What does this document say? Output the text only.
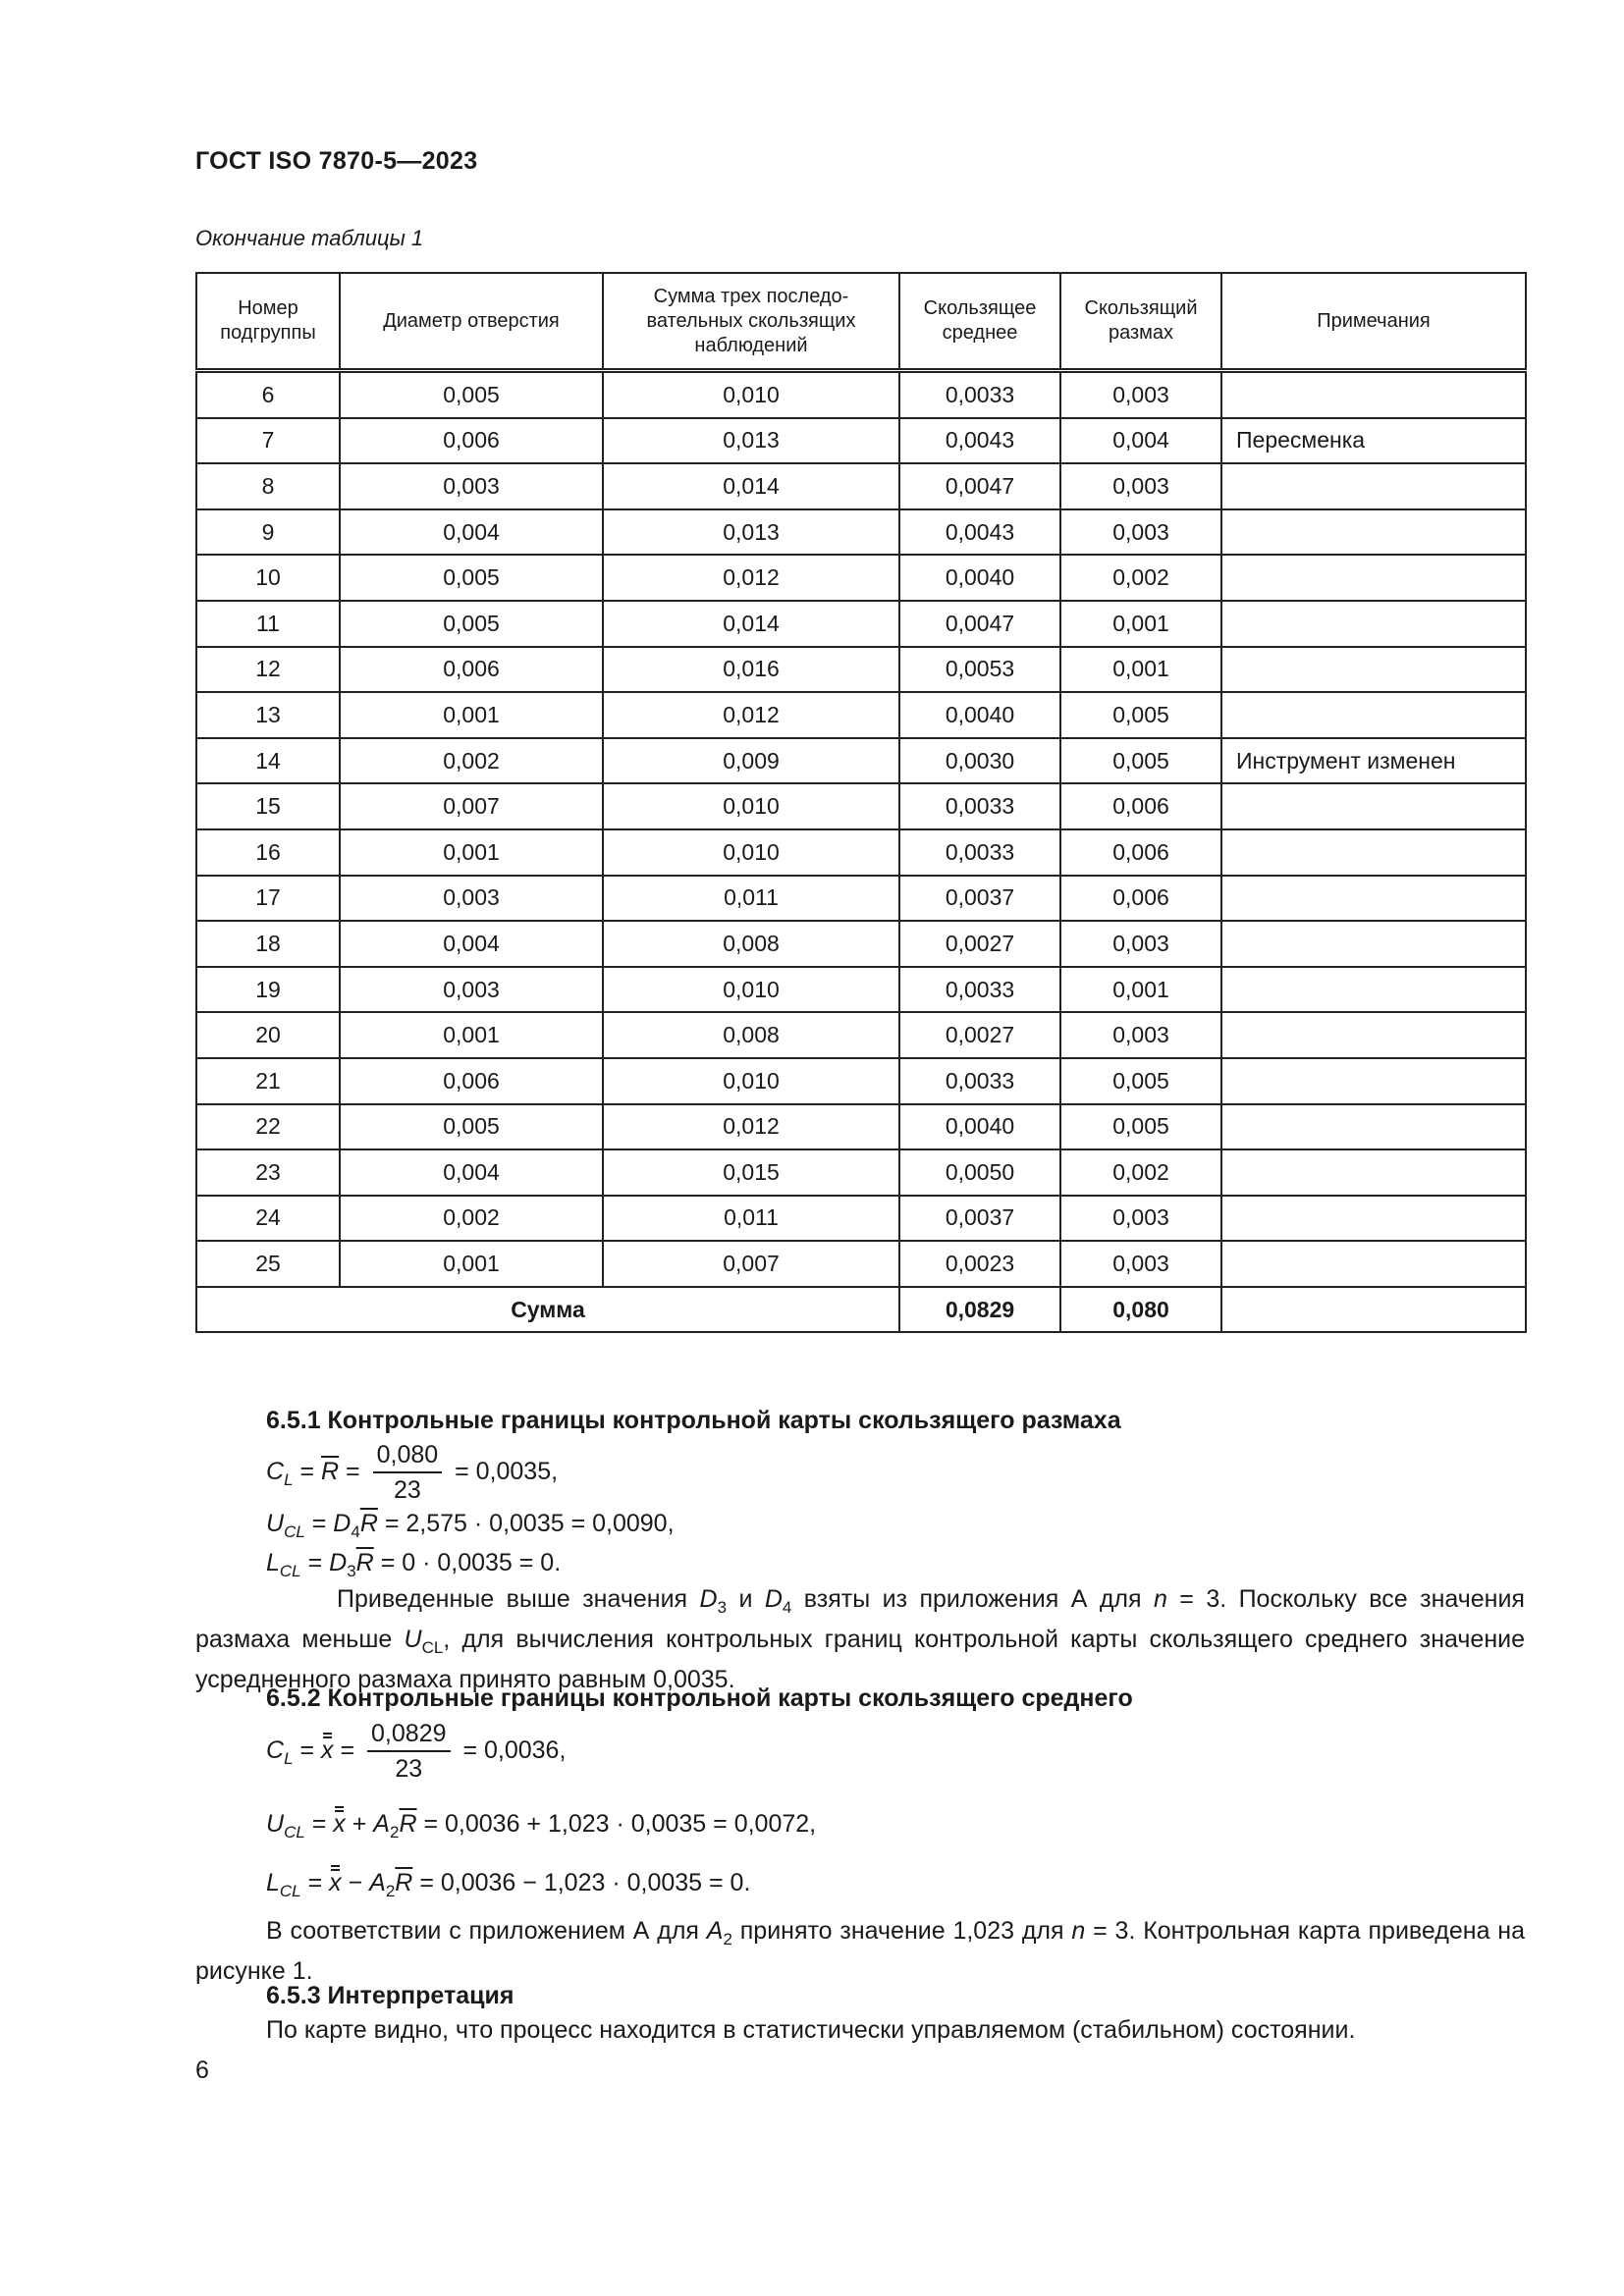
ГОСТ ISO 7870-5—2023
Окончание таблицы 1
Номер подгруппы	Диаметр отверстия	Сумма трех последо-вательных скользящих наблюдений	Скользящее среднее	Скользящий размах	Примечания
6	0,005	0,010	0,0033	0,003	
7	0,006	0,013	0,0043	0,004	Пересменка
8	0,003	0,014	0,0047	0,003	
9	0,004	0,013	0,0043	0,003	
10	0,005	0,012	0,0040	0,002	
11	0,005	0,014	0,0047	0,001	
12	0,006	0,016	0,0053	0,001	
13	0,001	0,012	0,0040	0,005	
14	0,002	0,009	0,0030	0,005	Инструмент изменен
15	0,007	0,010	0,0033	0,006	
16	0,001	0,010	0,0033	0,006	
17	0,003	0,011	0,0037	0,006	
18	0,004	0,008	0,0027	0,003	
19	0,003	0,010	0,0033	0,001	
20	0,001	0,008	0,0027	0,003	
21	0,006	0,010	0,0033	0,005	
22	0,005	0,012	0,0040	0,005	
23	0,004	0,015	0,0050	0,002	
24	0,002	0,011	0,0037	0,003	
25	0,001	0,007	0,0023	0,003	
Сумма			0,0829	0,080	
6.5.1 Контрольные границы контрольной карты скользящего размаха
$C_L = \overline{R} = \frac{0,080}{23} = 0,0035$,
$U_{CL} = D_4\overline{R} = 2,575 \cdot 0,0035 = 0,0090$,
$L_{CL} = D_3\overline{R} = 0 \cdot 0,0035 = 0$.
Приведенные выше значения $D_3$ и $D_4$ взяты из приложения А для n = 3. Поскольку все значения размаха меньше $U_{CL}$, для вычисления контрольных границ контрольной карты скользящего среднего значение усредненного размаха принято равным 0,0035.
6.5.2 Контрольные границы контрольной карты скользящего среднего
$C_L = x = \frac{0,0829}{23} = 0,0036$,
$U_{CL} = x + A_2\overline{R} = 0,0036 + 1,023 \cdot 0,0035 = 0,0072$,
$L_{CL} = x - A_2\overline{R} = 0,0036 - 1,023 \cdot 0,0035 = 0$.
В соответствии с приложением А для $A_2$ принято значение 1,023 для n = 3. Контрольная карта приведена на рисунке 1.
6.5.3 Интерпретация
По карте видно, что процесс находится в статистически управляемом (стабильном) состоянии.
6
